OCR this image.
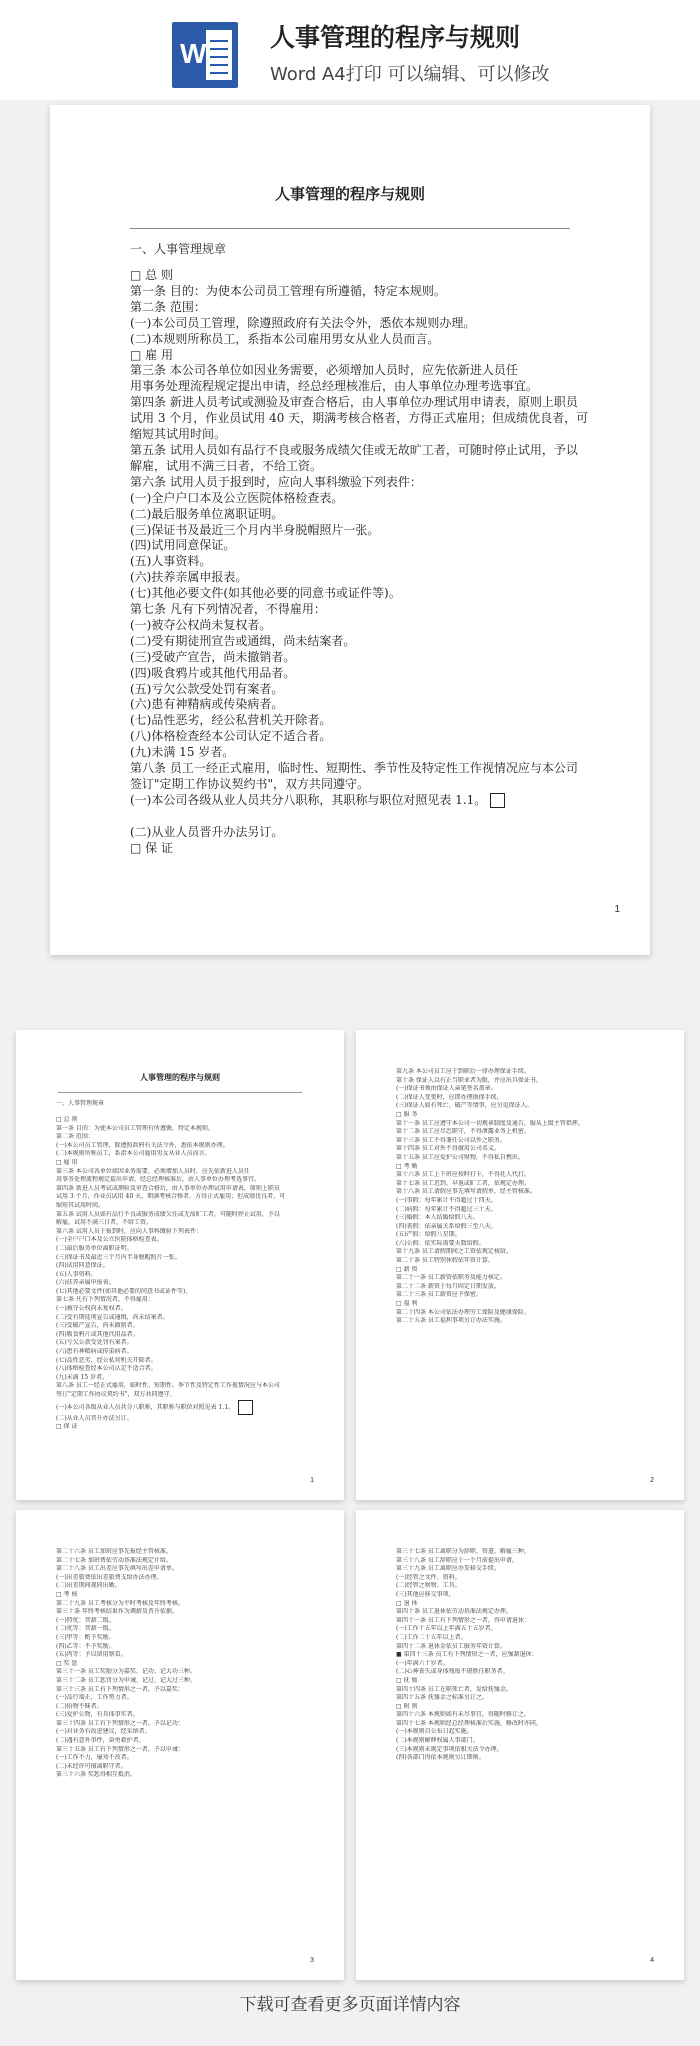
W
人事管理的程序与规则
Word A4打印 可以编辑、可以修改
人事管理的程序与规则
一、人事管理规章
□ 总 则
第一条 目的：为使本公司员工管理有所遵循，特定本规则。
第二条 范围：
(一)本公司员工管理，除遵照政府有关法令外，悉依本规则办理。
(二)本规则所称员工，系指本公司雇用男女从业人员而言。
□ 雇 用
第三条 本公司各单位如因业务需要，必须增加人员时，应先依新进人员任
用事务处理流程规定提出申请，经总经理核准后，由人事单位办理考选事宜。
第四条 新进人员考试或测验及审查合格后，由人事单位办理试用申请表，原则上职员
试用 3 个月，作业员试用 40 天，期满考核合格者，方得正式雇用；但成绩优良者，可
缩短其试用时间。
第五条 试用人员如有品行不良或服务成绩欠佳或无故旷工者，可随时停止试用，予以
解雇，试用不满三日者，不给工资。
第六条 试用人员于报到时，应向人事科缴验下列表件：
(一)全户户口本及公立医院体格检查表。
(二)最后服务单位离职证明。
(三)保证书及最近三个月内半身脱帽照片一张。
(四)试用同意保证。
(五)人事资料。
(六)扶养亲属申报表。
(七)其他必要文件(如其他必要的同意书或证件等)。
第七条 凡有下列情况者，不得雇用：
(一)被夺公权尚未复权者。
(二)受有期徒刑宣告或通缉，尚未结案者。
(三)受破产宣告，尚未撤销者。
(四)吸食鸦片或其他代用品者。
(五)亏欠公款受处罚有案者。
(六)患有神精病或传染病者。
(七)品性恶劣，经公私营机关开除者。
(八)体格检查经本公司认定不适合者。
(九)未满 15 岁者。
第八条 员工一经正式雇用，临时性、短期性、季节性及特定性工作视情况应与本公司
签订"定期工作协议契约书"，双方共同遵守。
(一)本公司各级从业人员共分八职称，其职称与职位对照见表 1.1。

(二)从业人员晋升办法另订。
□ 保 证
1
人事管理的程序与规则
一、人事管理规章
□ 总 则
第一条 目的：为使本公司员工管理有所遵循，特定本规则。
第二条 范围：
(一)本公司员工管理，除遵照政府有关法令外，悉依本规则办理。
(二)本规则所称员工，系指本公司雇用男女从业人员而言。
□ 雇 用
第三条 本公司各单位如因业务需要，必须增加人员时，应先依新进人员任
用事务处理流程规定提出申请，经总经理核准后，由人事单位办理考选事宜。
第四条 新进人员考试或测验及审查合格后，由人事单位办理试用申请表，原则上职员
试用 3 个月，作业员试用 40 天，期满考核合格者，方得正式雇用；但成绩优良者，可
缩短其试用时间。
第五条 试用人员如有品行不良或服务成绩欠佳或无故旷工者，可随时停止试用，予以
解雇，试用不满三日者，不给工资。
第六条 试用人员于报到时，应向人事科缴验下列表件：
(一)全户户口本及公立医院体格检查表。
(二)最后服务单位离职证明。
(三)保证书及最近三个月内半身脱帽照片一张。
(四)试用同意保证。
(五)人事资料。
(六)扶养亲属申报表。
(七)其他必要文件(如其他必要的同意书或证件等)。
第七条 凡有下列情况者，不得雇用：
(一)被夺公权尚未复权者。
(二)受有期徒刑宣告或通缉，尚未结案者。
(三)受破产宣告，尚未撤销者。
(四)吸食鸦片或其他代用品者。
(五)亏欠公款受处罚有案者。
(六)患有神精病或传染病者。
(七)品性恶劣，经公私营机关开除者。
(八)体格检查经本公司认定不适合者。
(九)未满 15 岁者。
第八条 员工一经正式雇用，临时性、短期性、季节性及特定性工作视情况应与本公司
签订"定期工作协议契约书"，双方共同遵守。
(一)本公司各级从业人员共分八职称，其职称与职位对照见表 1.1。
(二)从业人员晋升办法另订。
□ 保 证
1
第九条 本公司员工应于到职后一律办理保证手续。
第十条 保证人以有正当职业者为限，并应出具保证书。
(一)保证书须由保证人亲笔签名盖章。
(二)保证人变更时，应即办理换保手续。
(三)保证人如有死亡、破产等情事，应另觅保证人。
□ 服 务
第十一条 员工应遵守本公司一切规章制度及通告，服从上级主管指挥。
第十二条 员工应尽忠职守，不得泄露业务上机密。
第十三条 员工不得兼任公司以外之职务。
第十四条 员工对外不得擅用公司名义。
第十五条 员工应爱护公司财物，不得私自携出。
□ 考 勤
第十六条 员工上下班应按时打卡，不得托人代打。
第十七条 员工迟到、早退或旷工者，依规定办理。
第十八条 员工请假应事先填写请假单，经主管核准。
(一)事假：每年累计不得超过十四天。
(二)病假：每年累计不得超过三十天。
(三)婚假：本人结婚给假八天。
(四)丧假：依亲属关系给假三至八天。
(五)产假：给假八星期。
(六)公假：依实际需要天数给假。
第十九条 员工请假期间之工资依规定核给。
第二十条 员工特别休假依年资计算。
□ 薪 资
第二十一条 员工薪资依职务及能力核定。
第二十二条 薪资于每月固定日期发放。
第二十三条 员工薪资应予保密。
□ 福 利
第二十四条 本公司依法办理劳工保险及健康保险。
第二十五条 员工福利事项另订办法实施。
2
第二十六条 员工加班应事先报经主管核准。
第二十七条 加班费依劳动基准法规定计给。
第二十八条 员工出差应事先填写出差申请单。
(一)出差旅费依出差旅费支给办法办理。
(二)出差期间视同出勤。
□ 考 核
第二十九条 员工考核分为平时考核及年终考核。
第三十条 年终考核结果作为调薪及晋升依据。
(一)特优：晋薪二级。
(二)优等：晋薪一级。
(三)甲等：酌予奖励。
(四)乙等：不予奖励。
(五)丙等：予以留用察看。
□ 奖 惩
第三十一条 员工奖励分为嘉奖、记功、记大功三种。
第三十二条 员工惩罚分为申诫、记过、记大过三种。
第三十三条 员工有下列情形之一者，予以嘉奖：
(一)品行端正，工作努力者。
(二)拾物不昧者。
(三)爱护公物，有具体事实者。
第三十四条 员工有下列情形之一者，予以记功：
(一)对业务有改进建议，经采纳者。
(二)遇有意外事件，奋勇救护者。
第三十五条 员工有下列情形之一者，予以申诫：
(一)工作不力，屡劝不改者。
(二)未经许可擅离职守者。
第三十六条 奖惩得相互抵消。
3
第三十七条 员工离职分为辞职、资遣、解雇三种。
第三十八条 员工辞职应于一个月前提出申请。
第三十九条 员工离职应办妥移交手续。
(一)经管之文件、资料。
(二)经管之财物、工具。
(三)其他应移交事项。
□ 退 休
第四十条 员工退休依劳动基准法规定办理。
第四十一条 员工有下列情形之一者，得申请退休：
(一)工作十五年以上年满五十五岁者。
(二)工作二十五年以上者。
第四十二条 退休金依员工服务年资计算。
■ 第四十三条 员工有下列情形之一者，应强制退休：
(一)年满六十岁者。
(二)心神丧失或身体残废不堪胜任职务者。
□ 抚 恤
第四十四条 员工在职死亡者，发给抚恤金。
第四十五条 抚恤金之标准另订之。
□ 附 则
第四十六条 本规则如有未尽事宜，得随时修订之。
第四十七条 本规则经总经理核准后实施，修改时亦同。
(一)本规则自公布日起实施。
(二)本规则解释权属人事部门。
(三)本规则未规定事项依相关法令办理。
(四)各部门得依本规则另订细则。
4
下载可查看更多页面详情内容
